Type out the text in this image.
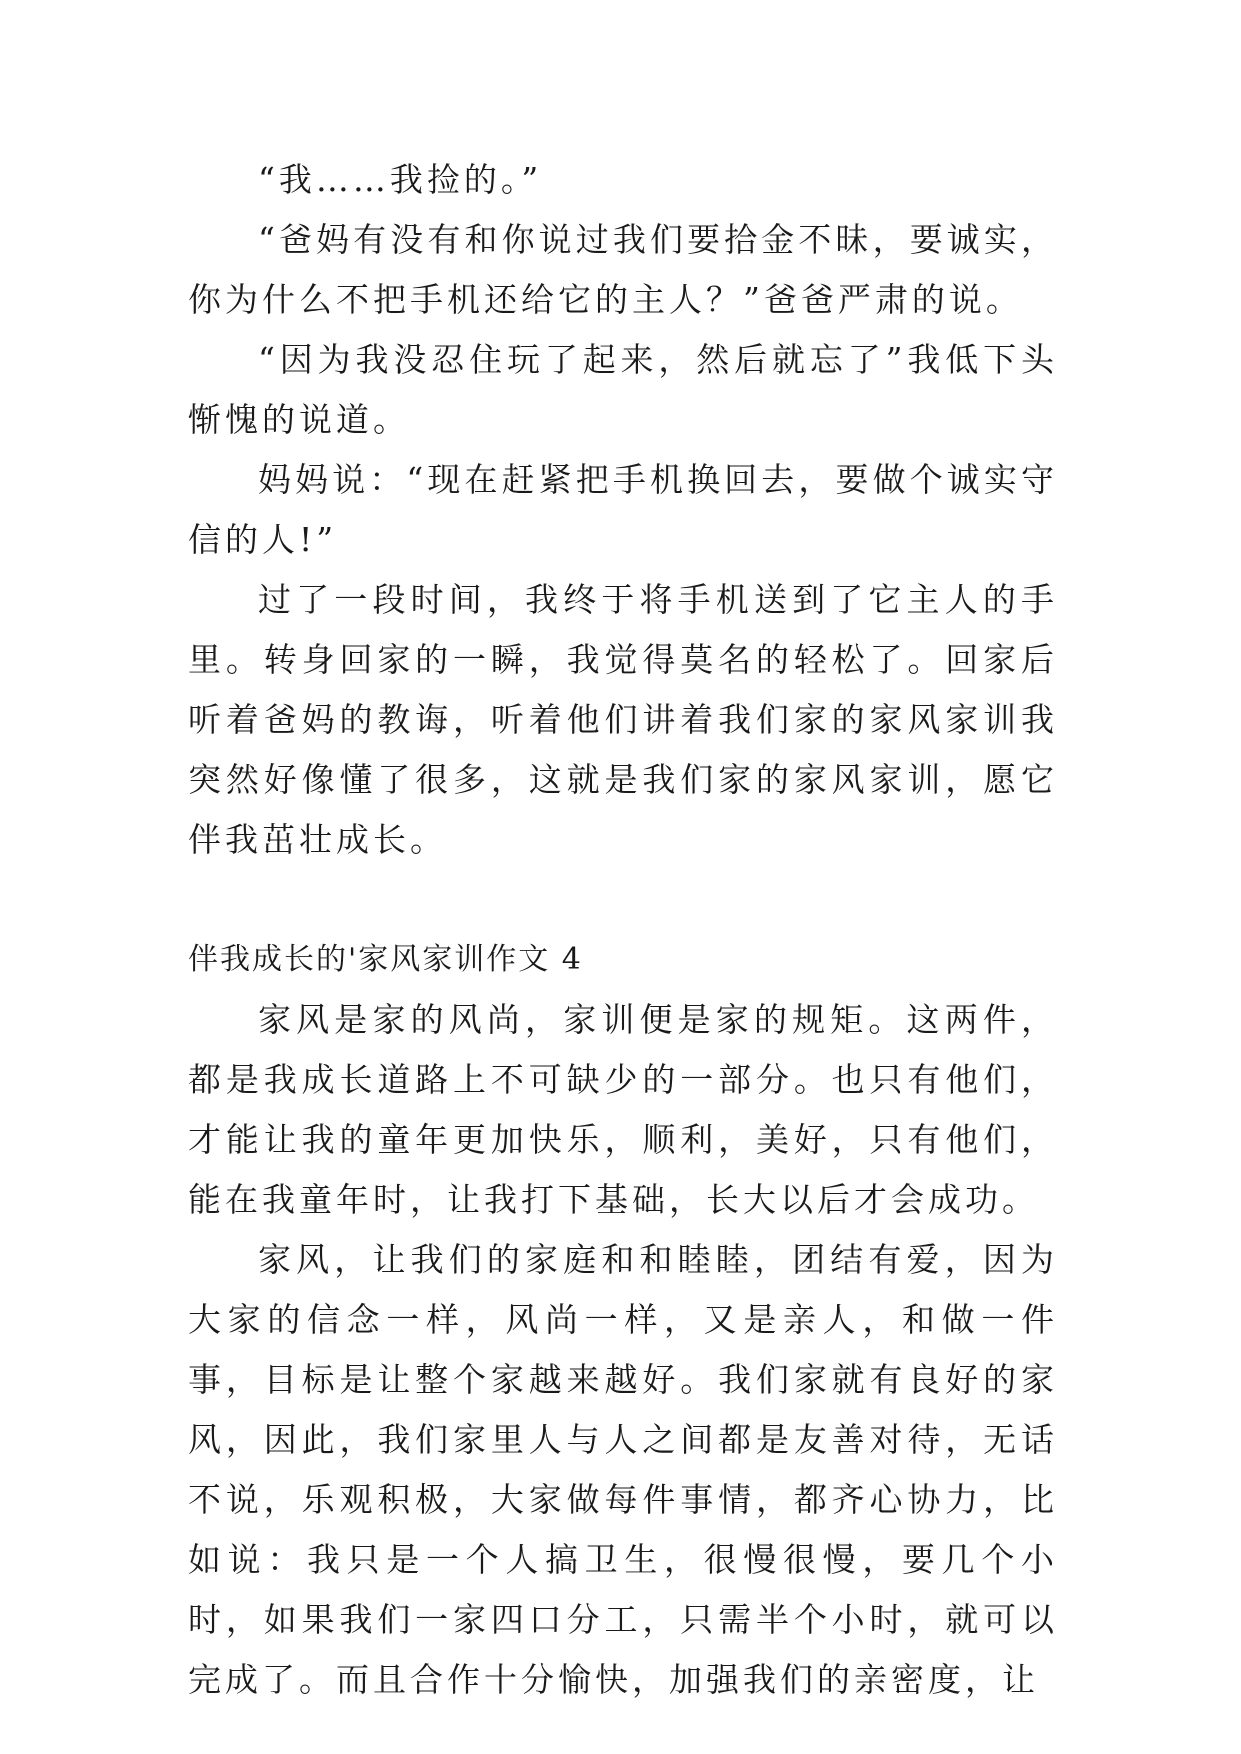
“我……我捡的。”

“爸妈有没有和你说过我们要拾金不昧，要诚实，你为什么不把手机还给它的主人？”爸爸严肃的说。

“因为我没忍住玩了起来，然后就忘了”我低下头惭愧的说道。

妈妈说：“现在赶紧把手机换回去，要做个诚实守信的人!”

过了一段时间，我终于将手机送到了它主人的手里。转身回家的一瞬，我觉得莫名的轻松了。回家后听着爸妈的教诲，听着他们讲着我们家的家风家训我突然好像懂了很多，这就是我们家的家风家训，愿它伴我茁壮成长。

伴我成长的'家风家训作文 4

家风是家的风尚，家训便是家的规矩。这两件，都是我成长道路上不可缺少的一部分。也只有他们，才能让我的童年更加快乐，顺利，美好，只有他们，能在我童年时，让我打下基础，长大以后才会成功。

家风，让我们的家庭和和睦睦，团结有爱，因为大家的信念一样，风尚一样，又是亲人，和做一件事，目标是让整个家越来越好。我们家就有良好的家风，因此，我们家里人与人之间都是友善对待，无话不说，乐观积极，大家做每件事情，都齐心协力，比如说：我只是一个人搞卫生，很慢很慢，要几个小时，如果我们一家四口分工，只需半个小时，就可以完成了。而且合作十分愉快，加强我们的亲密度，让
